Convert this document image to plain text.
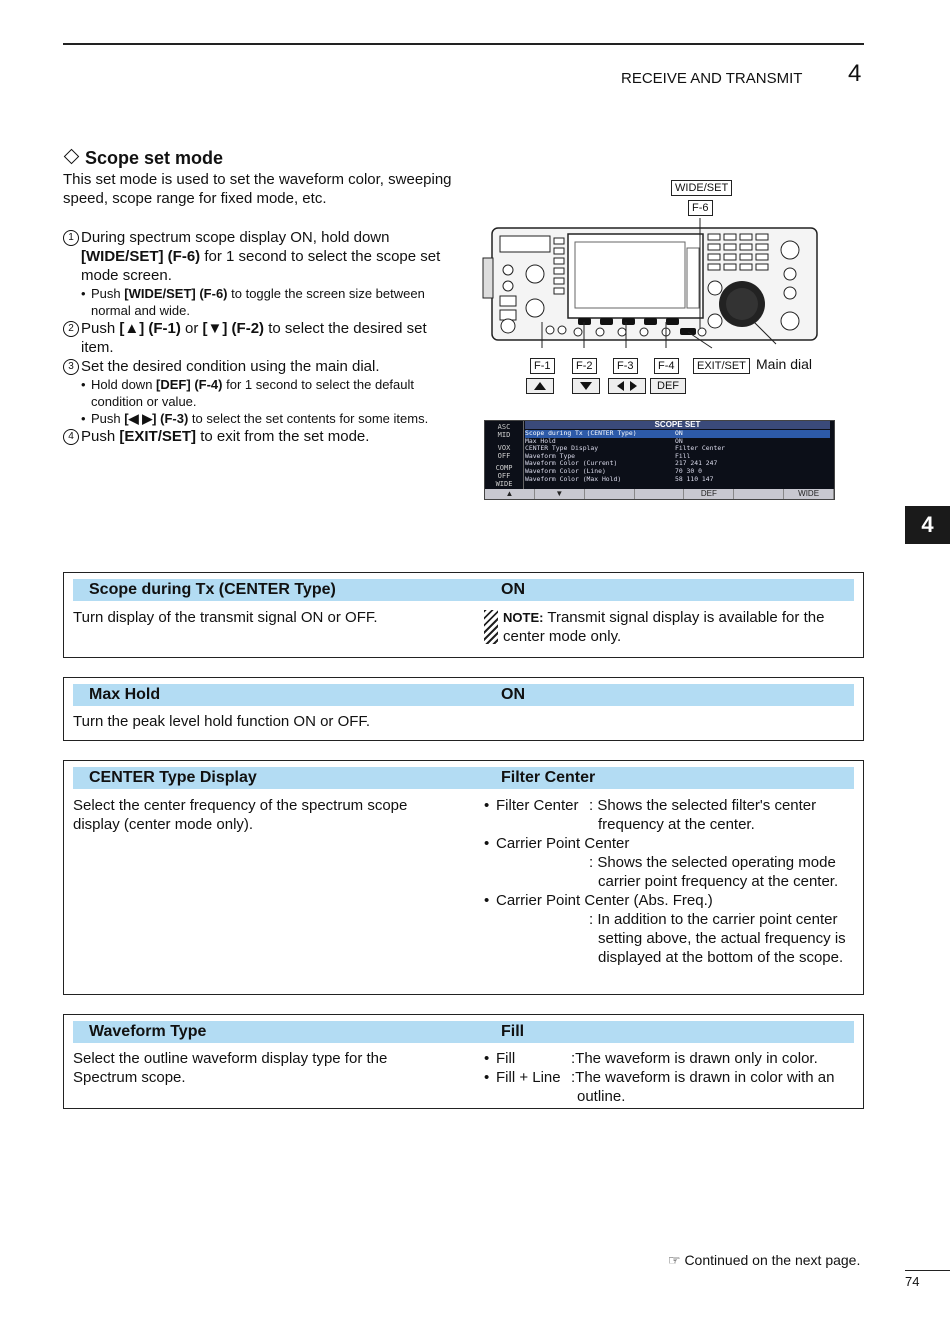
RECEIVE AND TRANSMIT 4
4
Scope set mode
This set mode is used to set the waveform color, sweeping speed, scope range for fixed mode, etc.
1 During spectrum scope display ON, hold down [WIDE/SET] (F-6) for 1 second to select the scope set mode screen.
• Push [WIDE/SET] (F-6) to toggle the screen size between normal and wide.
2 Push [▲] (F-1) or [▼] (F-2) to select the desired set item.
3 Set the desired condition using the main dial.
• Hold down [DEF] (F-4) for 1 second to select the default condition or value.
• Push [◀ ▶] (F-3) to select the set contents for some items.
4 Push [EXIT/SET] to exit from the set mode.
WIDE/SET
F-6
F-1	F-2	F-3	F-4	EXIT/SET Main dial
DEF
ASC
MID
VOX
OFF
COMP
OFF
WIDE
SCOPE SET
Scope during Tx (CENTER Type)	ON
Max Hold	ON
CENTER Type Display	Filter Center
Waveform Type	Fill
Waveform Color (Current)	217 241 247
Waveform Color (Line)	70 30 0
Waveform Color (Max Hold)	58 110 147
▲	▼	DEF	WIDE
Scope during Tx (CENTER Type)	ON
Turn display of the transmit signal ON or OFF.	NOTE: Transmit signal display is available for the center mode only.
Max Hold	ON
Turn the peak level hold function ON or OFF.
CENTER Type Display	Filter Center
Select the center frequency of the spectrum scope display (center mode only).
• Filter Center : Shows the selected filter's center frequency at the center.
• Carrier Point Center
: Shows the selected operating mode carrier point frequency at the center.
• Carrier Point Center (Abs. Freq.)
: In addition to the carrier point center setting above, the actual frequency is displayed at the bottom of the scope.
Waveform Type	Fill
Select the outline waveform display type for the Spectrum scope.
• Fill	:The waveform is drawn only in color.
• Fill + Line :The waveform is drawn in color with an outline.
☞ Continued on the next page.
74
